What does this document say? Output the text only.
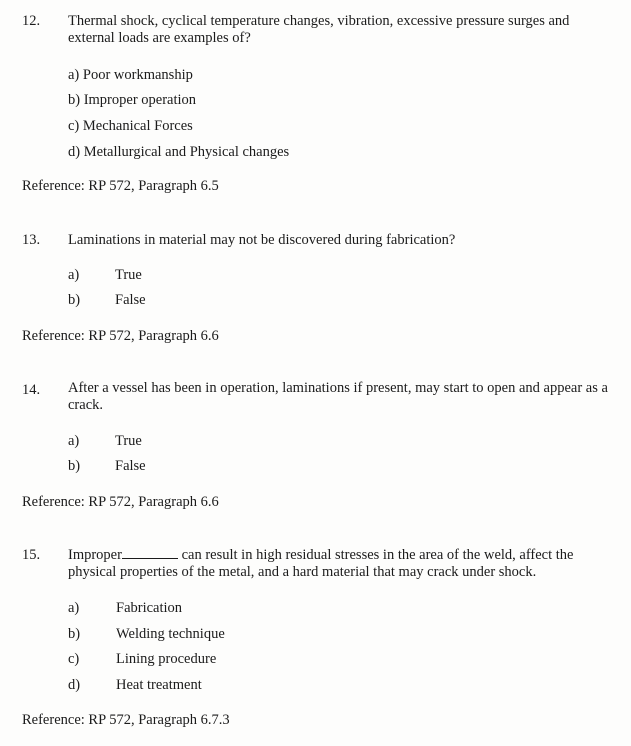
12. Thermal shock, cyclical temperature changes, vibration, excessive pressure surges and external loads are examples of?
a) Poor workmanship
b) Improper operation
c) Mechanical Forces
d) Metallurgical and Physical changes
Reference: RP 572, Paragraph 6.5
13. Laminations in material may not be discovered during fabrication?
a) True
b) False
Reference: RP 572, Paragraph 6.6
14. After a vessel has been in operation, laminations if present, may start to open and appear as a crack.
a) True
b) False
Reference: RP 572, Paragraph 6.6
15. Improper	can result in high residual stresses in the area of the weld, affect the physical properties of the metal, and a hard material that may crack under shock.
a)	Fabrication
b) Welding technique
c)	Lining procedure
d) Heat treatment
Reference: RP 572, Paragraph 6.7.3
